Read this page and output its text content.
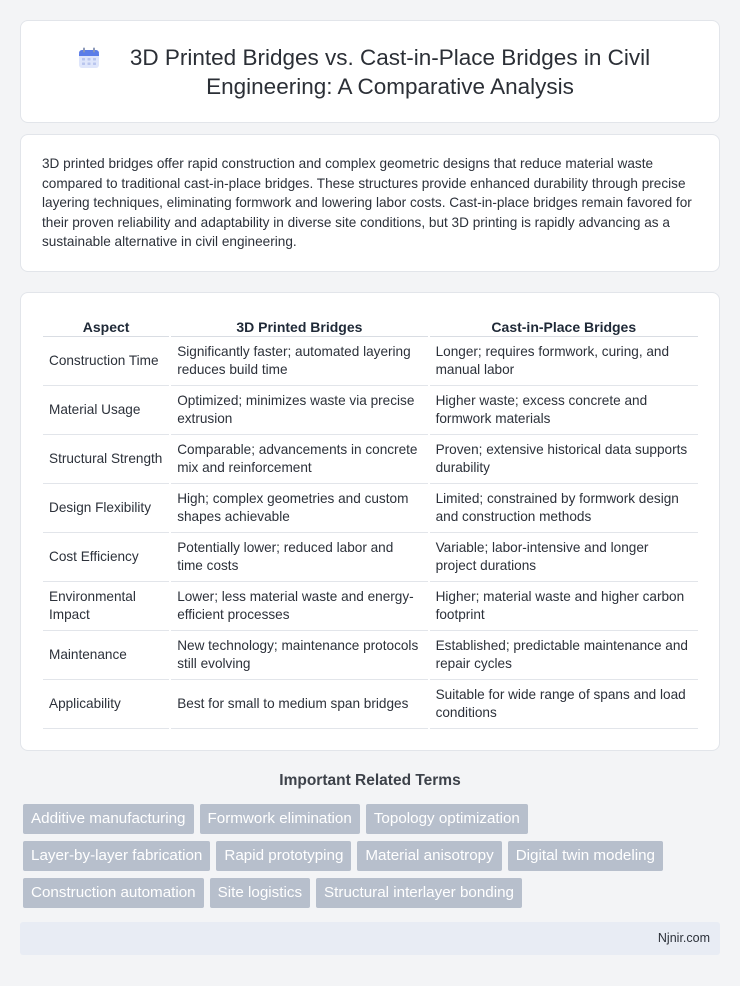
3D Printed Bridges vs. Cast-in-Place Bridges in Civil Engineering: A Comparative Analysis

3D printed bridges offer rapid construction and complex geometric designs that reduce material waste compared to traditional cast-in-place bridges. These structures provide enhanced durability through precise layering techniques, eliminating formwork and lowering labor costs. Cast-in-place bridges remain favored for their proven reliability and adaptability in diverse site conditions, but 3D printing is rapidly advancing as a sustainable alternative in civil engineering.

Aspect	3D Printed Bridges	Cast-in-Place Bridges
Construction Time	Significantly faster; automated layering reduces build time	Longer; requires formwork, curing, and manual labor
Material Usage	Optimized; minimizes waste via precise extrusion	Higher waste; excess concrete and formwork materials
Structural Strength	Comparable; advancements in concrete mix and reinforcement	Proven; extensive historical data supports durability
Design Flexibility	High; complex geometries and custom shapes achievable	Limited; constrained by formwork design and construction methods
Cost Efficiency	Potentially lower; reduced labor and time costs	Variable; labor-intensive and longer project durations
Environmental Impact	Lower; less material waste and energy-efficient processes	Higher; material waste and higher carbon footprint
Maintenance	New technology; maintenance protocols still evolving	Established; predictable maintenance and repair cycles
Applicability	Best for small to medium span bridges	Suitable for wide range of spans and load conditions
Important Related Terms
Additive manufacturing	Formwork elimination	Topology optimization
Layer-by-layer fabrication	Rapid prototyping	Material anisotropy	Digital twin modeling
Construction automation	Site logistics	Structural interlayer bonding
Njnir.com
